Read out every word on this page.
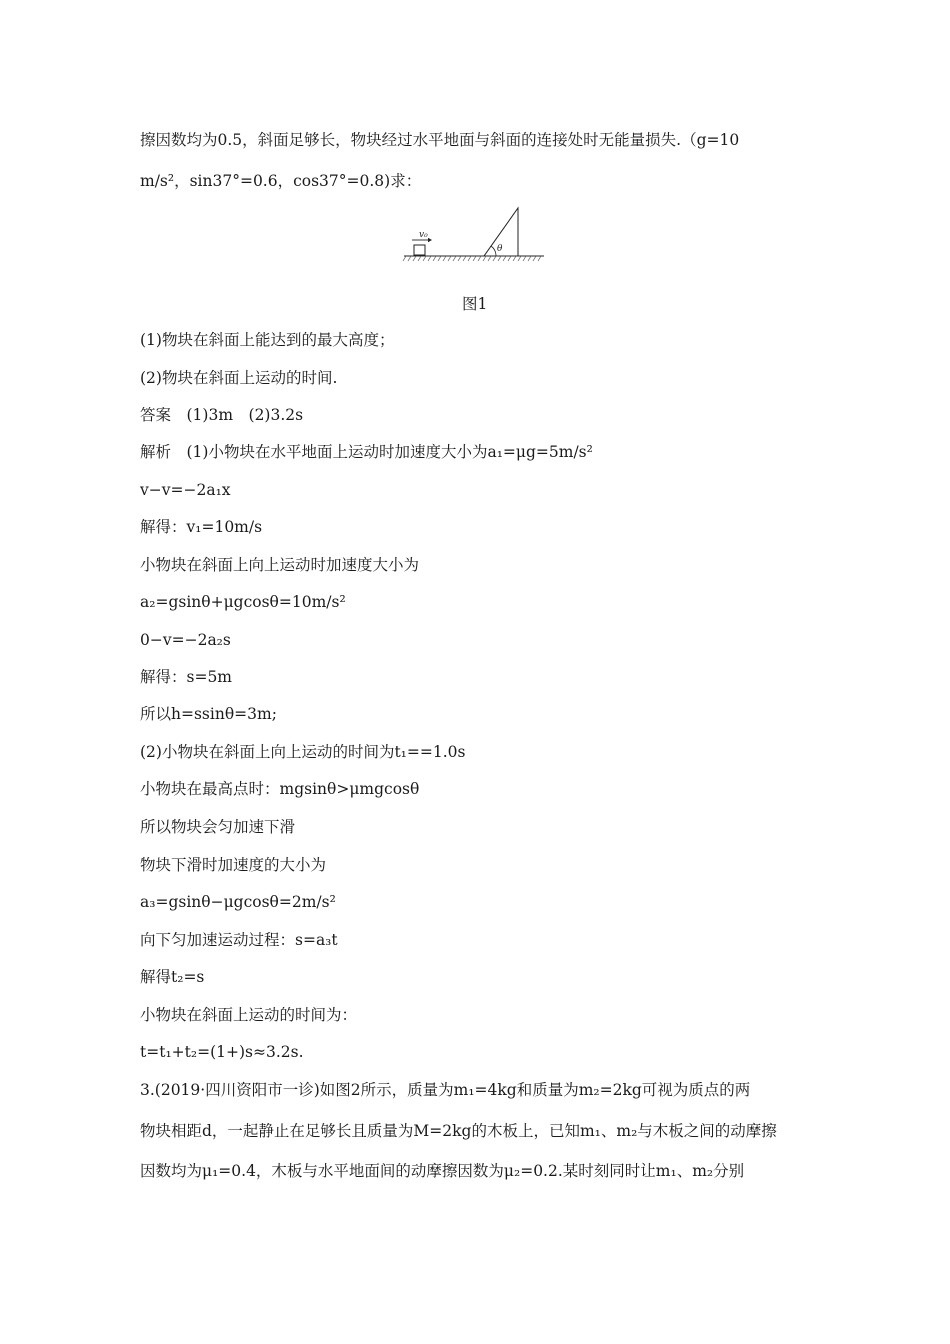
擦因数均为0.5，斜面足够长，物块经过水平地面与斜面的连接处时无能量损失.（g=10
m/s²，sin37°=0.6，cos37°=0.8)求：
(1)物块在斜面上能达到的最大高度；
(2)物块在斜面上运动的时间.
答案　(1)3m　(2)3.2s
解析　(1)小物块在水平地面上运动时加速度大小为a₁=μg=5m/s²
v−v=−2a₁x
解得：v₁=10m/s
小物块在斜面上向上运动时加速度大小为
a₂=gsinθ+μgcosθ=10m/s²
0−v=−2a₂s
解得：s=5m
所以h=ssinθ=3m;
(2)小物块在斜面上向上运动的时间为t₁==1.0s
小物块在最高点时：mgsinθ>μmgcosθ
所以物块会匀加速下滑
物块下滑时加速度的大小为
a₃=gsinθ−μgcosθ=2m/s²
向下匀加速运动过程：s=a₃t
解得t₂=s
小物块在斜面上运动的时间为：
t=t₁+t₂=(1+)s≈3.2s.
3.(2019·四川资阳市一诊)如图2所示，质量为m₁=4kg和质量为m₂=2kg可视为质点的两
物块相距d，一起静止在足够长且质量为M=2kg的木板上，已知m₁、m₂与木板之间的动摩擦
因数均为μ₁=0.4，木板与水平地面间的动摩擦因数为μ₂=0.2.某时刻同时让m₁、m₂分别
v₀
θ
图1
